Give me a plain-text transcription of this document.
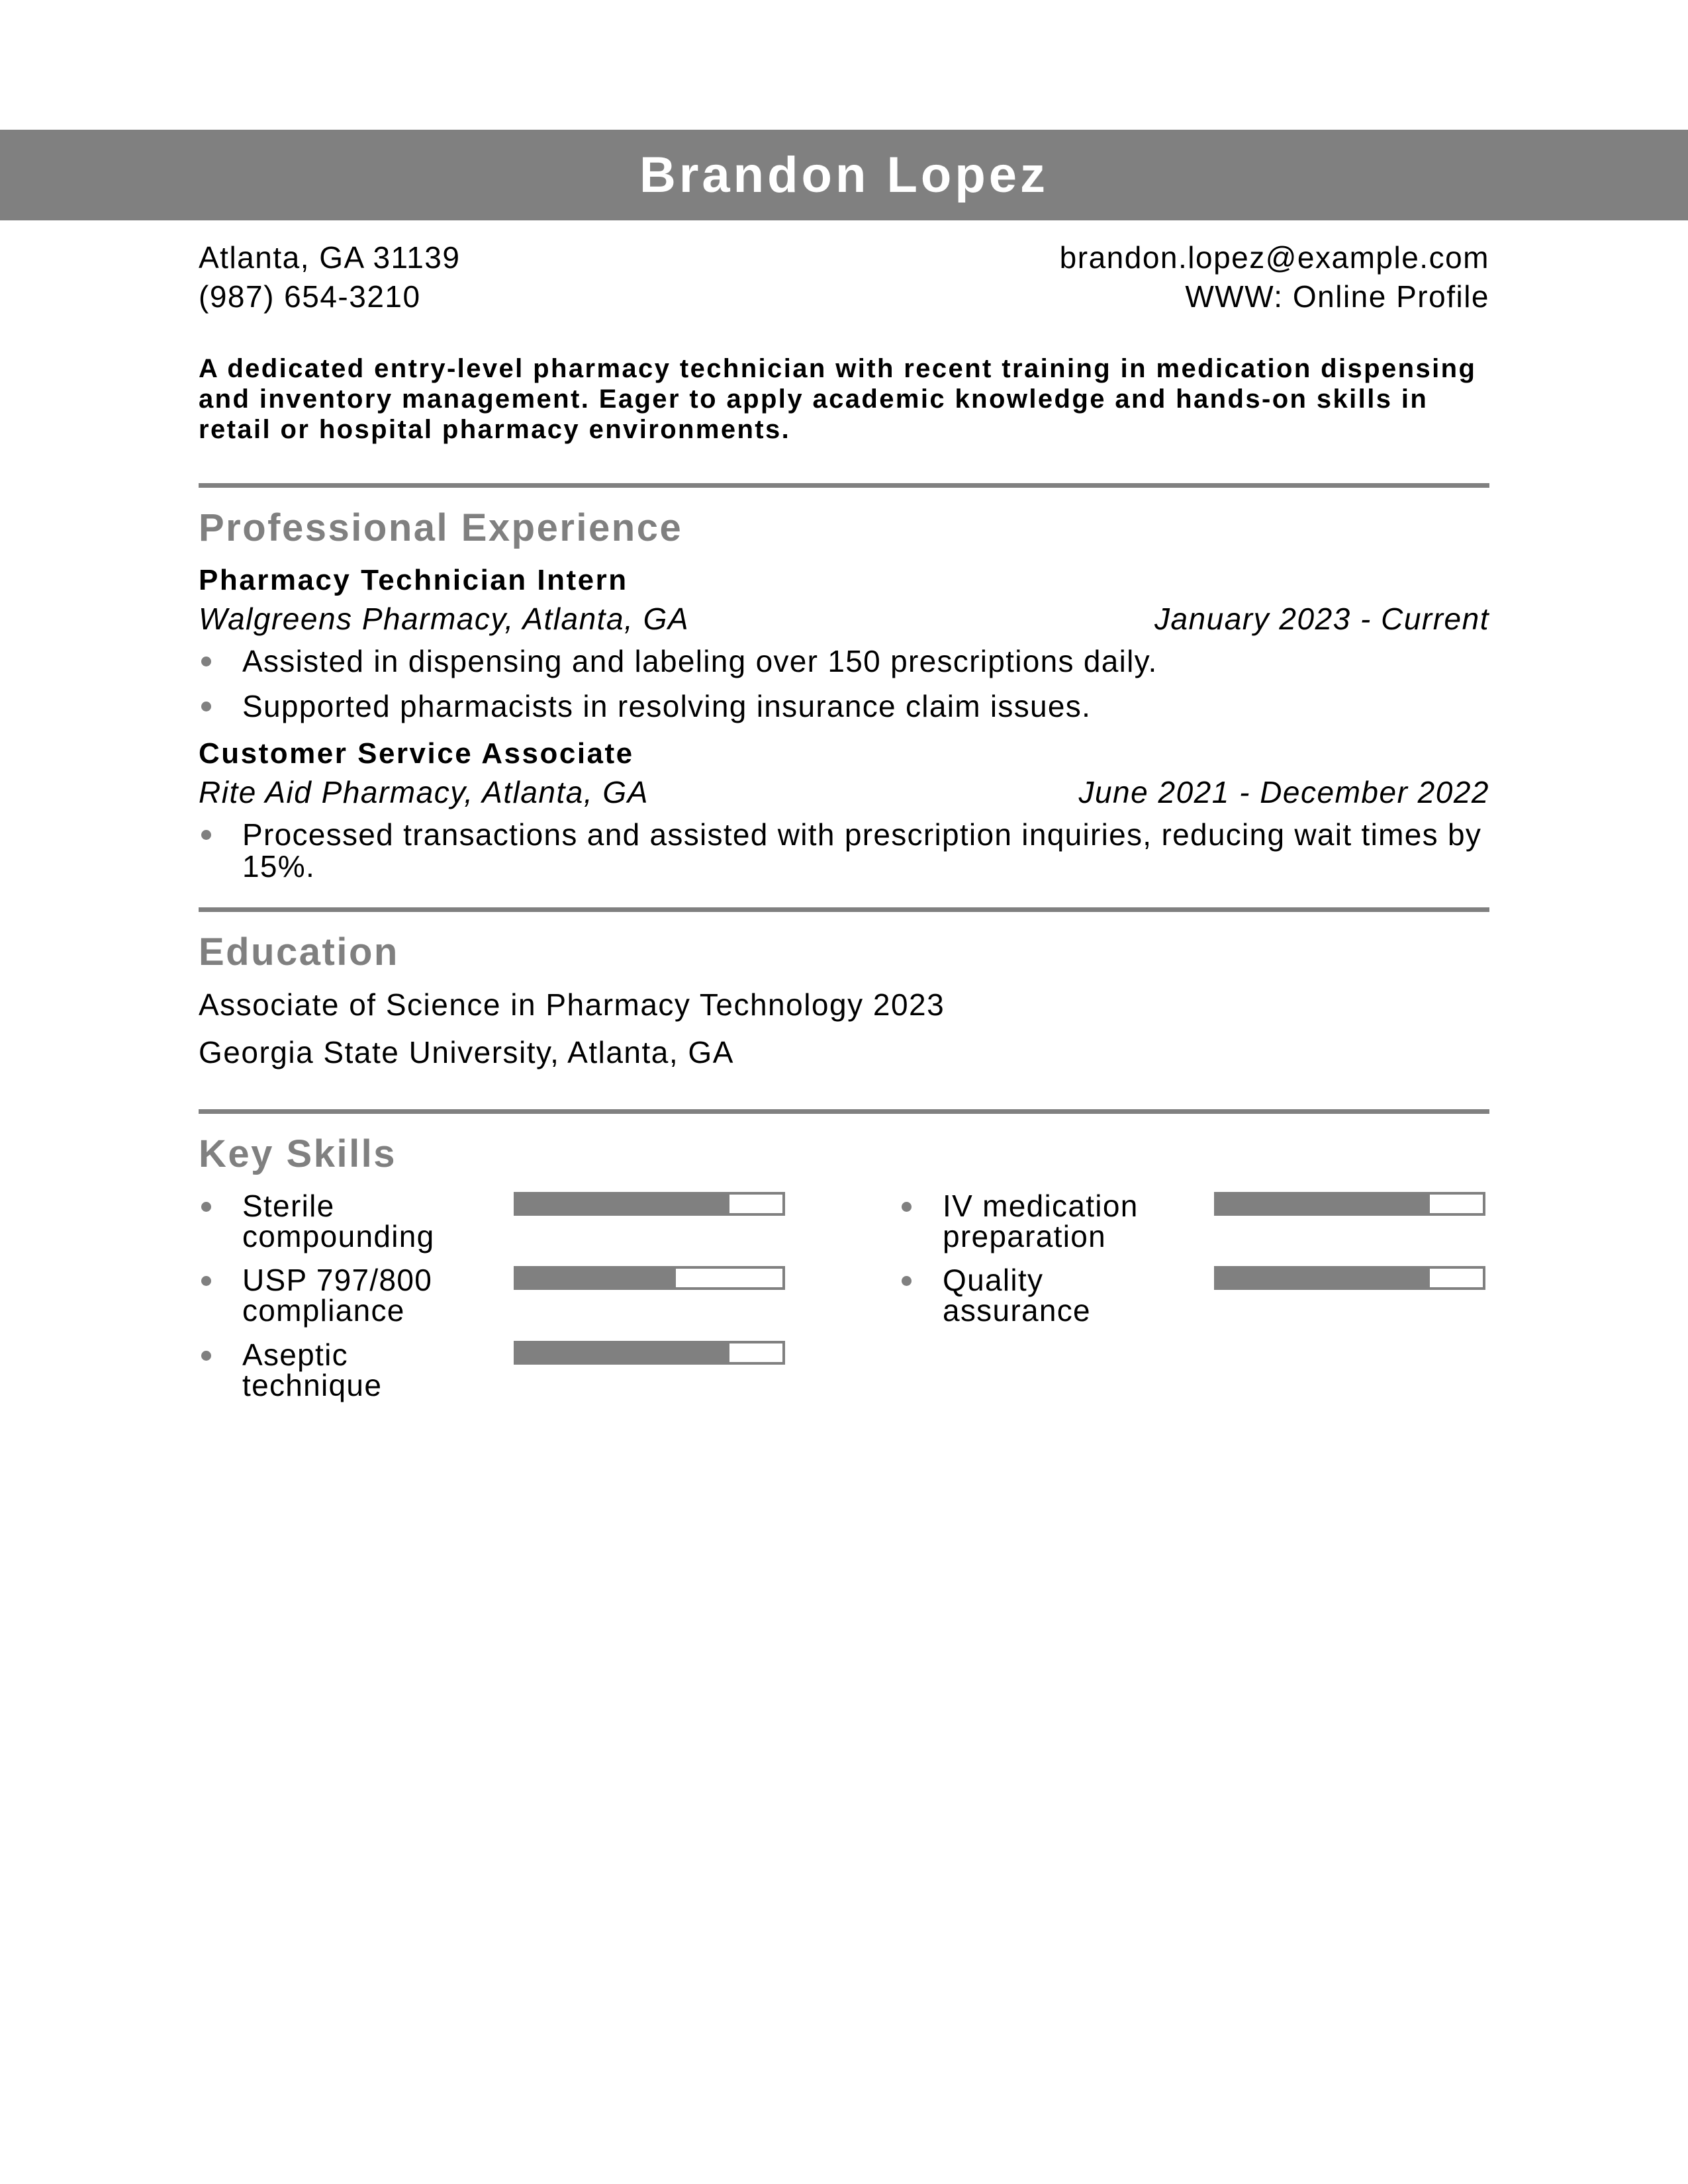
Brandon Lopez
Atlanta, GA 31139	brandon.lopez@example.com
(987) 654-3210	WWW: Online Profile
A dedicated entry-level pharmacy technician with recent training in medication dispensing and inventory management. Eager to apply academic knowledge and hands-on skills in retail or hospital pharmacy environments.
Professional Experience
Pharmacy Technician Intern
Walgreens Pharmacy, Atlanta, GA	January 2023 - Current
Assisted in dispensing and labeling over 150 prescriptions daily.
Supported pharmacists in resolving insurance claim issues.
Customer Service Associate
Rite Aid Pharmacy, Atlanta, GA	June 2021 - December 2022
Processed transactions and assisted with prescription inquiries, reducing wait times by 15%.
Education
Associate of Science in Pharmacy Technology 2023
Georgia State University, Atlanta, GA
Key Skills
Sterile compounding
IV medication preparation
USP 797/800 compliance
Quality assurance
Aseptic technique
